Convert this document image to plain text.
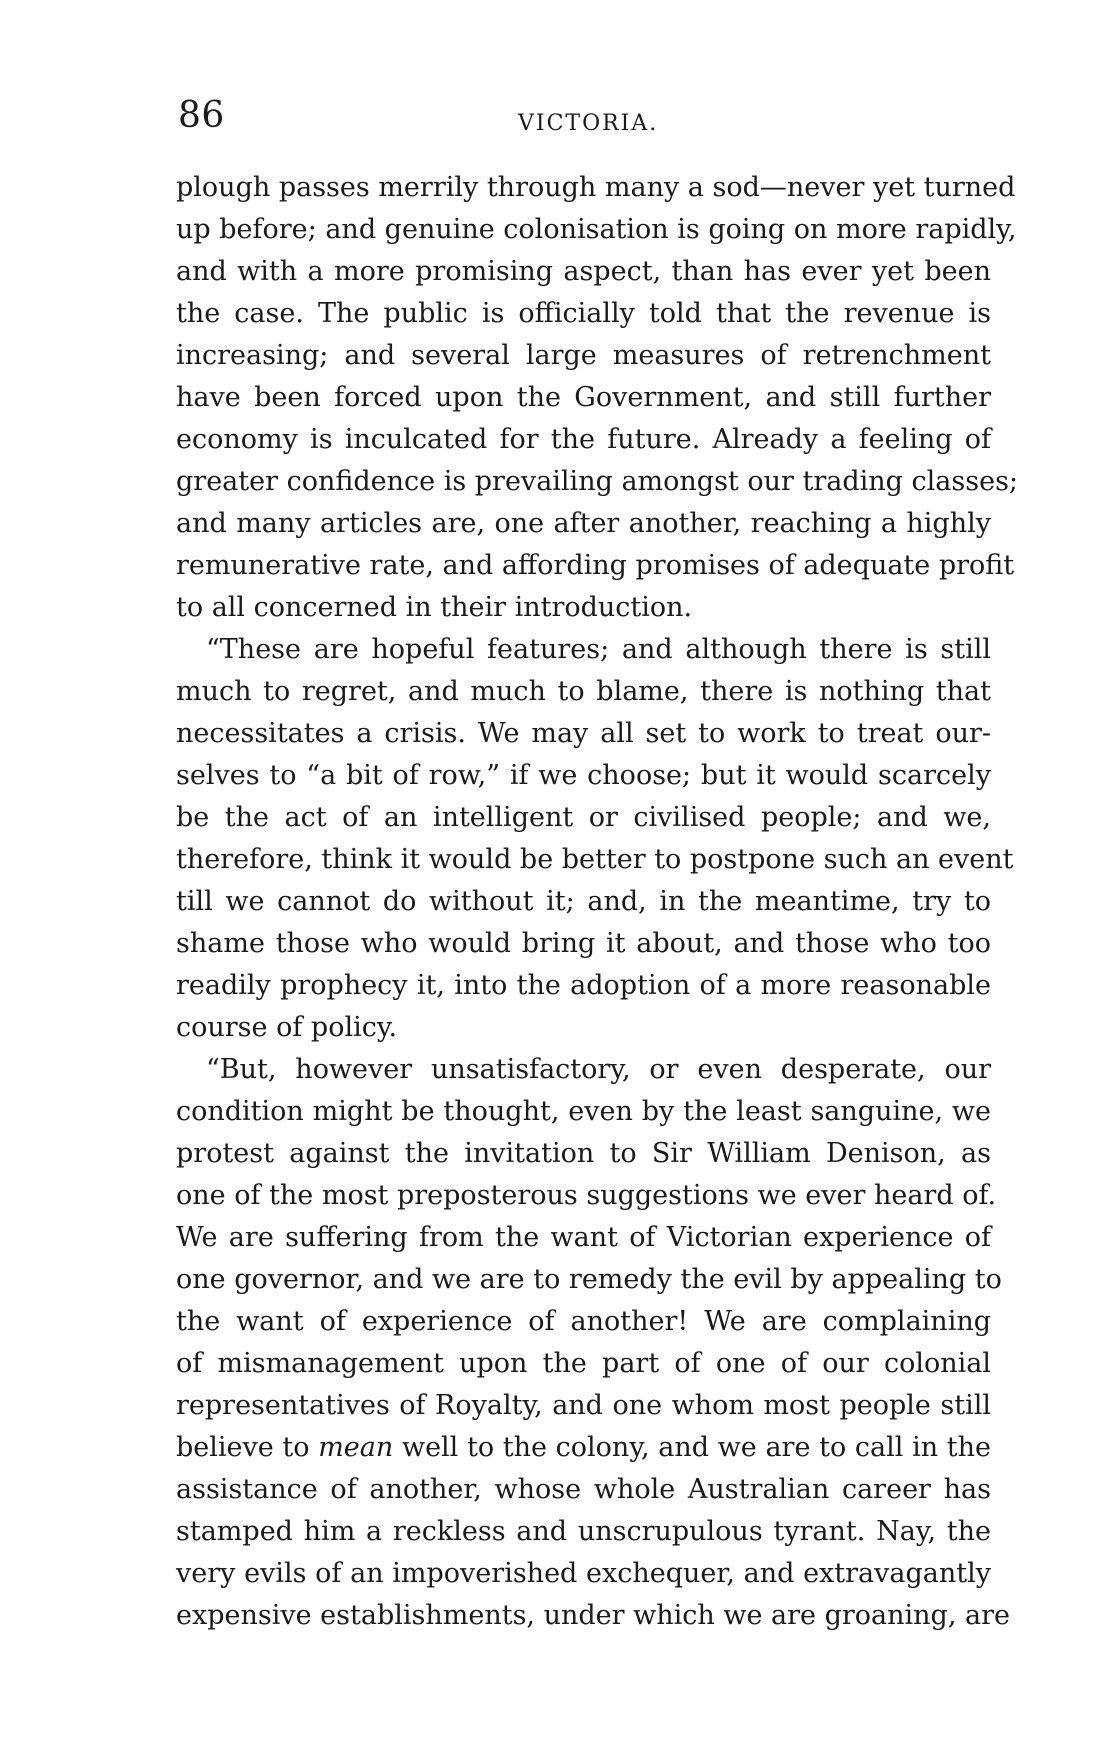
86	VICTORIA.
plough passes merrily through many a sod—never yet turned
up before; and genuine colonisation is going on more rapidly,
and with a more promising aspect, than has ever yet been
the case. The public is officially told that the revenue is
increasing; and several large measures of retrenchment
have been forced upon the Government, and still further
economy is inculcated for the future. Already a feeling of
greater confidence is prevailing amongst our trading classes;
and many articles are, one after another, reaching a highly
remunerative rate, and affording promises of adequate profit
to all concerned in their introduction.
“These are hopeful features; and although there is still
much to regret, and much to blame, there is nothing that
necessitates a crisis. We may all set to work to treat our-
selves to “a bit of row,” if we choose; but it would scarcely
be the act of an intelligent or civilised people; and we,
therefore, think it would be better to postpone such an event
till we cannot do without it; and, in the meantime, try to
shame those who would bring it about, and those who too
readily prophecy it, into the adoption of a more reasonable
course of policy.
“But, however unsatisfactory, or even desperate, our
condition might be thought, even by the least sanguine, we
protest against the invitation to Sir William Denison, as
one of the most preposterous suggestions we ever heard of.
We are suffering from the want of Victorian experience of
one governor, and we are to remedy the evil by appealing to
the want of experience of another! We are complaining
of mismanagement upon the part of one of our colonial
representatives of Royalty, and one whom most people still
believe to mean well to the colony, and we are to call in the
assistance of another, whose whole Australian career has
stamped him a reckless and unscrupulous tyrant. Nay, the
very evils of an impoverished exchequer, and extravagantly
expensive establishments, under which we are groaning, are
